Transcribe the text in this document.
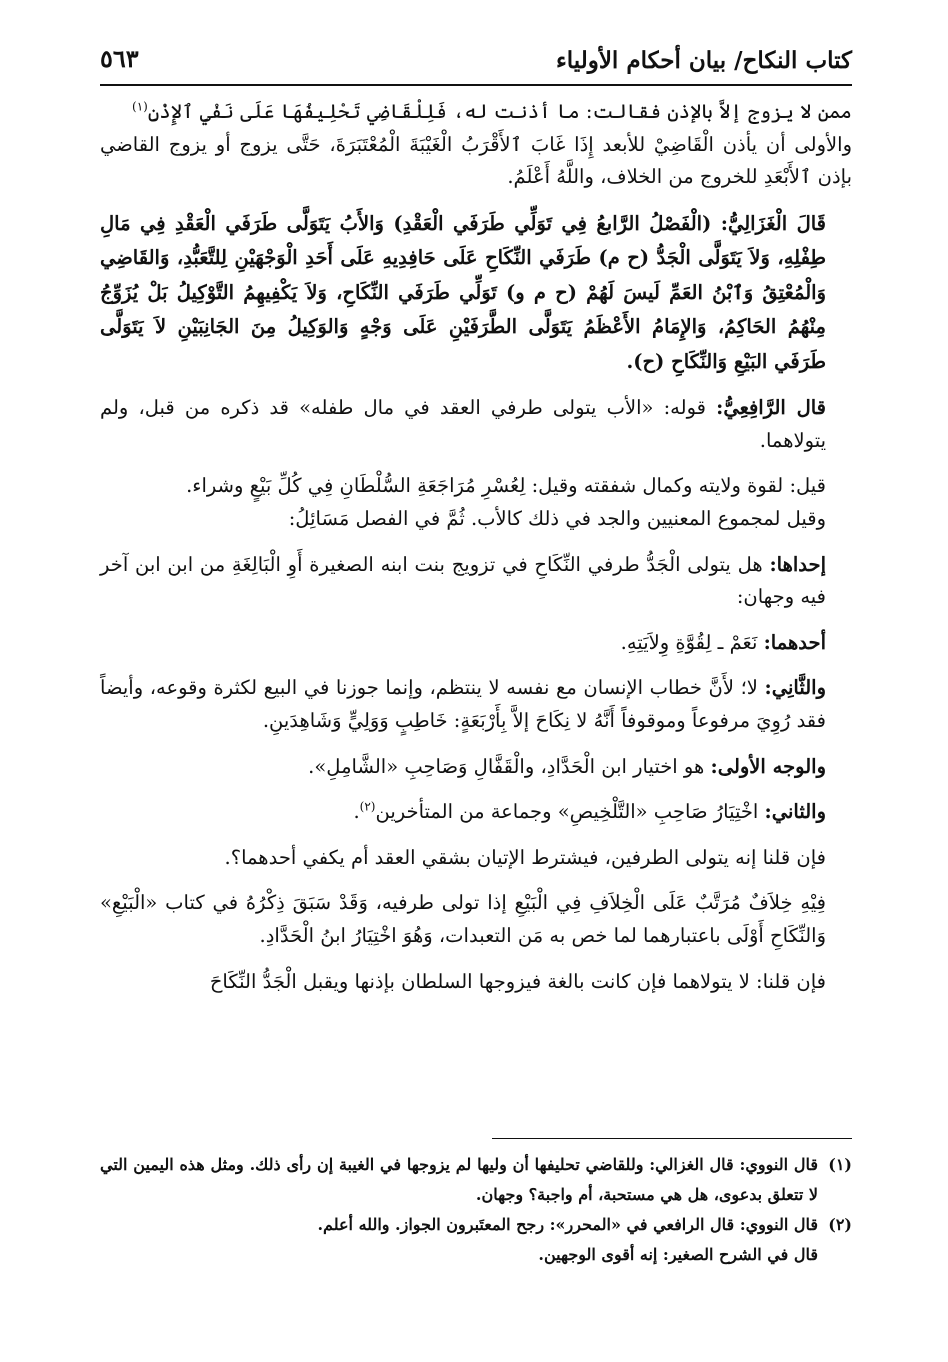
كتاب النكاح/ بيان أحكام الأولياء
٥٦٣

ممن لا يزوج إلاَّ بالإذن فقالت: ما أذنت له، فَلِلْقَاضِي تَحْلِيفُهَا عَلَى نَفْيِ ٱلإِذْنِ$^{(١)}$

والأولى أن يأذن الْقَاضِيْ للأبعد إِذَا غَابَ ٱلأَقْرَبُ الْغَيْبَةَ الْمُعْتَبَرَةَ، حَتَّى يزوج أو يزوج القاضي بإذن ٱلأَبْعَدِ للخروج من الخلاف، واللَّهُ أَعْلَمُ.

قَالَ الْغَزَالِيُّ: (الْفَصْلُ الرَّابعُ فِي تَوَلِّي طَرَفَي الْعَقْدِ) وَالأَبُ يَتَوَلَّى طَرَفَي الْعَقْدِ فِي مَالِ طِفْلِهِ، وَلاَ يَتَوَلَّى الْجَدُّ (ح م) طَرَفَي النِّكَاحِ عَلَى حَافِدِيهِ عَلَى أَحَدِ الْوَجْهَيْنِ لِلتَّعَبُّدِ، وَالقَاضِي وَالْمُعْتِقُ وَٱبْنُ العَمِّ لَيسَ لَهُمْ (ح م و) تَوَلِّي طَرَفَي النِّكَاحِ، وَلاَ يَكْفِيهِمُ التَّوْكِيلُ بَلْ يُزَوِّجُ مِنْهُمُ الحَاكِمُ، وَالإِمَامُ الأَعْظَمُ يَتَوَلَّى الطَّرَفَيْنِ عَلَى وَجْهٍ وَالوَكِيلُ مِنَ الجَانِبَيْنِ لاَ يَتَوَلَّى طَرَفَي البَيْعِ وَالنِّكَاحِ (ح).

قال الرَّافِعِيُّ: قوله: «الأب يتولى طرفي العقد في مال طفله» قد ذكره من قبل، ولم يتولاهما.

قيل: لقوة ولايته وكمال شفقته وقيل: لِعُسْرِ مُرَاجَعَةِ السُّلْطَانِ فِي كُلِّ بَيْعٍ وشراء.

وقيل لمجموع المعنيين والجد في ذلك كالأب. ثُمَّ في الفصل مَسَائِلُ:

إحداها: هل يتولى الْجَدُّ طرفي النِّكَاحِ في تزويج بنت ابنه الصغيرة أَوِ الْبَالِغَةِ من ابن ابن آخر فيه وجهان:

أحدهما: نَعَمْ ـ لِقُوَّةِ وِلاَيَتِهِ.

والثَّانِي: لا؛ لأَنَّ خطاب الإنسان مع نفسه لا ينتظم، وإنما جوزنا في البيع لكثرة وقوعه، وأيضاً فقد رُوِيَ مرفوعاً وموقوفاً أَنَّهُ لا نِكَاحَ إلاَّ بِأَرْبَعَةٍ: خَاطِبٍ وَوَلِيٍّ وَشَاهِدَينِ.

والوجه الأولى: هو اختيار ابن الْحَدَّادِ، والْقَفَّالِ وَصَاحِبِ «الشَّامِلِ».

والثاني: اخْتِيَارُ صَاحِبِ «التَّلْخِيصِ» وجماعة من المتأخرين$^{(٢)}$.

فإن قلنا إنه يتولى الطرفين، فيشترط الإتيان بشقي العقد أم يكفي أحدهما؟.

فِيْهِ خِلاَفٌ مُرَتَّبٌ عَلَى الْخِلاَفِ فِي الْبَيْعِ إذا تولى طرفيه، وَقَدْ سَبَقَ ذِكْرُهُ في كتاب «الْبَيْعِ» وَالنِّكَاحِ أَوْلَى باعتبارهما لما خص به مَن التعبدات، وَهُوَ اخْتِيَارُ ابنُ الْحَدَّادِ.

فإن قلنا: لا يتولاهما فإن كانت بالغة فيزوجها السلطان بإذنها ويقبل الْجَدُّ النِّكَاحَ

(١)
قال النووي: قال الغزالي: وللقاضي تحليفها أن وليها لم يزوجها في الغيبة إن رأى ذلك. ومثل هذه اليمين التي لا تتعلق بدعوى، هل هي مستحبة، أم واجبة؟ وجهان.
(٢)
قال النووي: قال الرافعي في «المحرر»: رجح المعتَبرون الجواز. والله أعلم.
قال في الشرح الصغير: إنه أقوى الوجهين.
